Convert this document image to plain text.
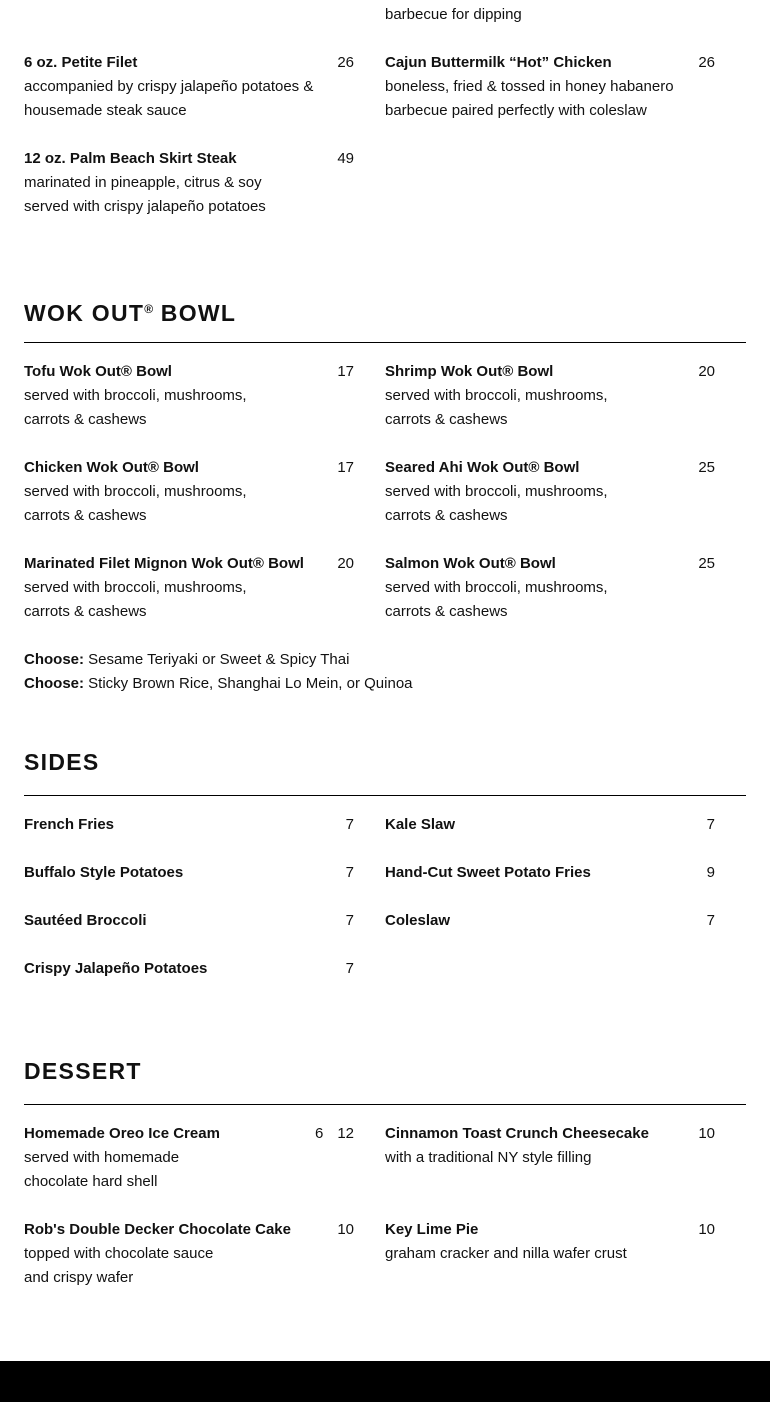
barbecue for dipping
6 oz. Petite Filet	26
accompanied by crispy jalapeño potatoes &
housemade steak sauce
Cajun Buttermilk “Hot” Chicken	26
boneless, fried & tossed in honey habanero
barbecue paired perfectly with coleslaw
12 oz. Palm Beach Skirt Steak	49
marinated in pineapple, citrus & soy
served with crispy jalapeño potatoes
WOK OUT® BOWL
Tofu Wok Out® Bowl	17
served with broccoli, mushrooms,
carrots & cashews
Shrimp Wok Out® Bowl	20
served with broccoli, mushrooms,
carrots & cashews
Chicken Wok Out® Bowl	17
served with broccoli, mushrooms,
carrots & cashews
Seared Ahi Wok Out® Bowl	25
served with broccoli, mushrooms,
carrots & cashews
Marinated Filet Mignon Wok Out® Bowl 20
served with broccoli, mushrooms,
carrots & cashews
Salmon Wok Out® Bowl	25
served with broccoli, mushrooms,
carrots & cashews
Choose: Sesame Teriyaki or Sweet & Spicy Thai
Choose: Sticky Brown Rice, Shanghai Lo Mein, or Quinoa
SIDES
French Fries	7 Kale Slaw	7
Buffalo Style Potatoes	7 Hand-Cut Sweet Potato Fries	9
Sautéed Broccoli	7 Coleslaw	7
Crispy Jalapeño Potatoes	7
DESSERT
Homemade Oreo Ice Cream	6 12
served with homemade
chocolate hard shell
Cinnamon Toast Crunch Cheesecake	10
with a traditional NY style filling
Rob's Double Decker Chocolate Cake	10
topped with chocolate sauce
and crispy wafer
Key Lime Pie	10
graham cracker and nilla wafer crust
